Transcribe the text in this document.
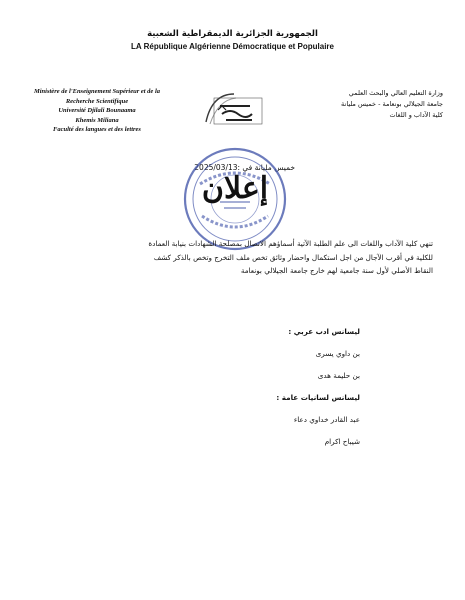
الجمهورية الجزائرية الديمقراطية الشعبية
LA République Algérienne Démocratique et Populaire
Ministère de l'Enseignement Supérieur et de la
Recherche Scientifique
Université Djilali Bounaama
Khemis Miliana
Faculté des langues et des lettres
وزارة التعليم العالي والبحث العلمي
جامعة الجيلالي بونعامة - خميس مليانة
كلية الآداب و اللغات
خميس مليانة في :2025/03/13
إعلان
تنهي كلية الآداب واللغات الى علم الطلبة الآتية أسماؤهم الاتصال بمصلحة الشهادات بنيابة العمادة
للكلية في أقرب الآجال من اجل استكمال واحضار وثائق تخص ملف التخرج وتخص بالذكر كشف
النقاط الأصلي لأول سنة جامعية لهم خارج جامعة الجيلالي بونعامة
ليسانس ادب عربي :
بن داوي يسرى
بن حليمة هدى
ليسانس لسانيات عامة :
عبد القادر خداوي دعاء
شيباح اكرام
